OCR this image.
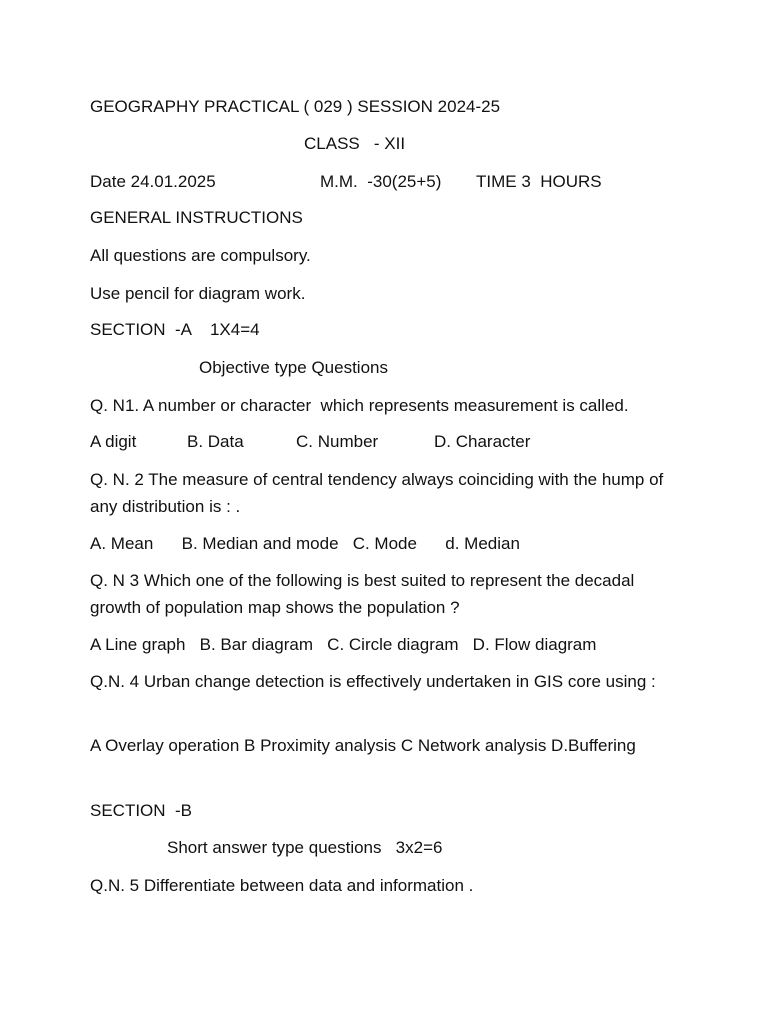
GEOGRAPHY PRACTICAL ( 029 ) SESSION 2024-25
CLASS   - XII
Date 24.01.2025	M.M.  -30(25+5) TIME 3  HOURS
GENERAL INSTRUCTIONS
All questions are compulsory.
Use pencil for diagram work.
SECTION  -A    1X4=4
Objective type Questions
Q. N1. A number or character  which represents measurement is called.
A digit	B. Data	C. Number	D. Character
Q. N. 2 The measure of central tendency always coinciding with the hump of any distribution is : .
A. Mean      B. Median and mode   C. Mode      d. Median
Q. N 3 Which one of the following is best suited to represent the decadal growth of population map shows the population ?
A Line graph   B. Bar diagram   C. Circle diagram   D. Flow diagram
Q.N. 4 Urban change detection is effectively undertaken in GIS core using :
A Overlay operation B Proximity analysis C Network analysis D.Buffering
SECTION  -B
Short answer type questions   3x2=6
Q.N. 5 Differentiate between data and information .
